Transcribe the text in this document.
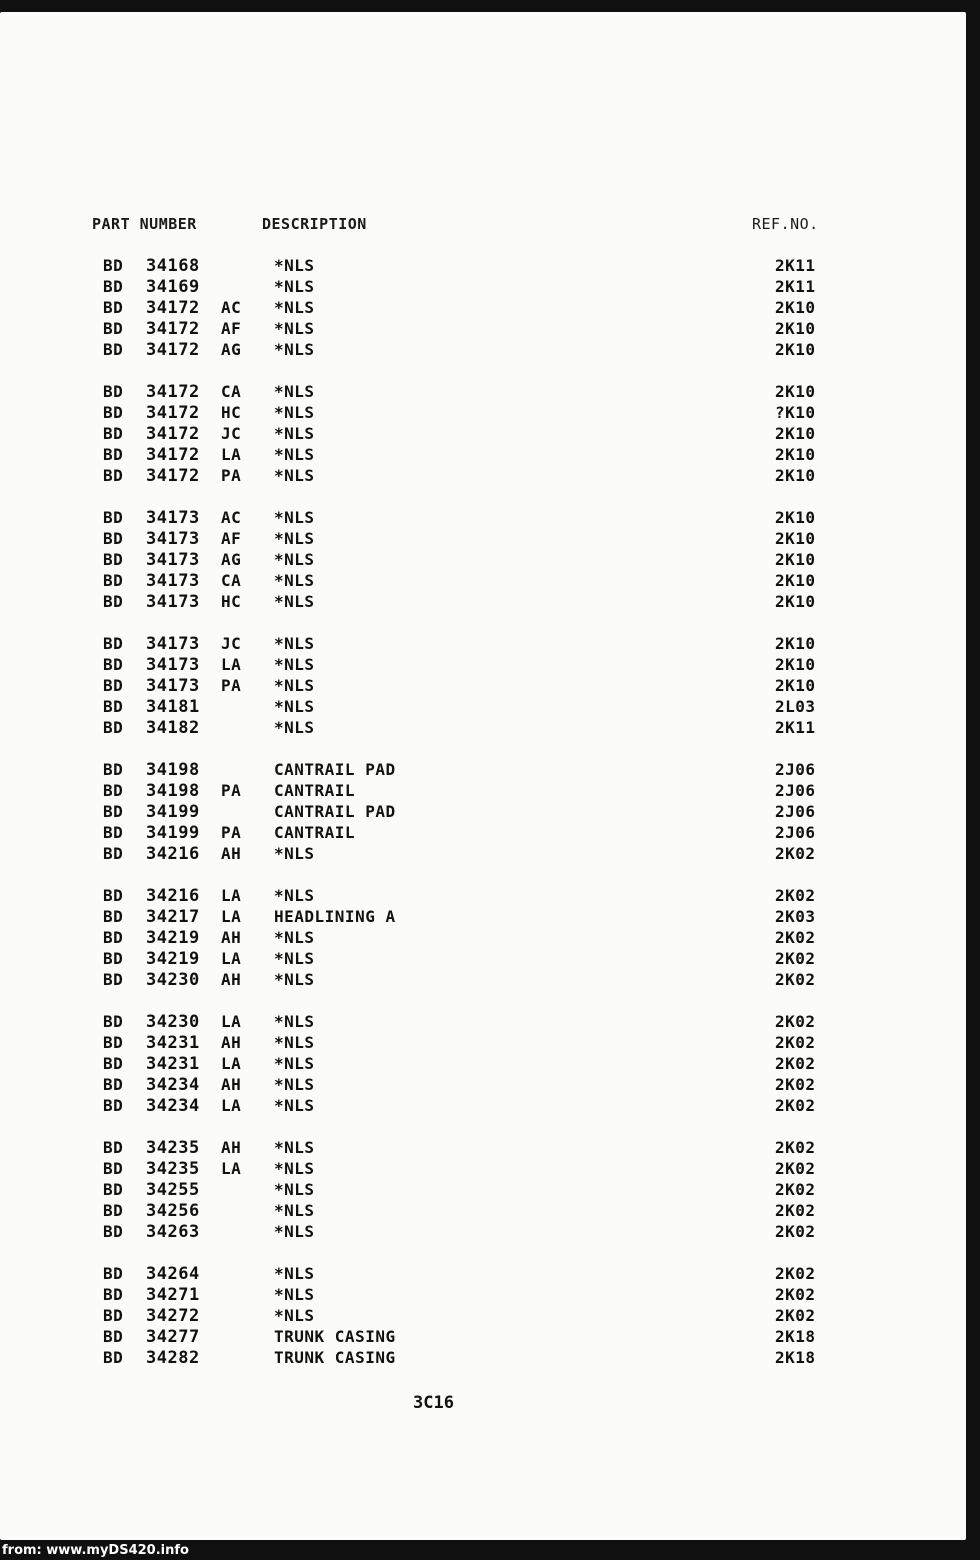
PART NUMBER	DESCRIPTION	REF.NO.
BD 34168	*NLS	2K11
BD 34169	*NLS	2K11
BD 34172 AC *NLS	2K10
BD 34172 AF *NLS	2K10
BD 34172 AG *NLS	2K10
BD 34172 CA *NLS	2K10
BD 34172 HC *NLS	?K10
BD 34172 JC *NLS	2K10
BD 34172 LA *NLS	2K10
BD 34172 PA *NLS	2K10
BD 34173 AC *NLS	2K10
BD 34173 AF *NLS	2K10
BD 34173 AG *NLS	2K10
BD 34173 CA *NLS	2K10
BD 34173 HC *NLS	2K10
BD 34173 JC *NLS	2K10
BD 34173 LA *NLS	2K10
BD 34173 PA *NLS	2K10
BD 34181	*NLS	2L03
BD 34182	*NLS	2K11
BD 34198	CANTRAIL PAD	2J06
BD 34198 PA CANTRAIL	2J06
BD 34199	CANTRAIL PAD	2J06
BD 34199 PA CANTRAIL	2J06
BD 34216 AH *NLS	2K02
BD 34216 LA *NLS	2K02
BD 34217 LA HEADLINING A	2K03
BD 34219 AH *NLS	2K02
BD 34219 LA *NLS	2K02
BD 34230 AH *NLS	2K02
BD 34230 LA *NLS	2K02
BD 34231 AH *NLS	2K02
BD 34231 LA *NLS	2K02
BD 34234 AH *NLS	2K02
BD 34234 LA *NLS	2K02
BD 34235 AH *NLS	2K02
BD 34235 LA *NLS	2K02
BD 34255	*NLS	2K02
BD 34256	*NLS	2K02
BD 34263	*NLS	2K02
BD 34264	*NLS	2K02
BD 34271	*NLS	2K02
BD 34272	*NLS	2K02
BD 34277	TRUNK CASING	2K18
BD 34282	TRUNK CASING	2K18
3C16
from: www.myDS420.info
